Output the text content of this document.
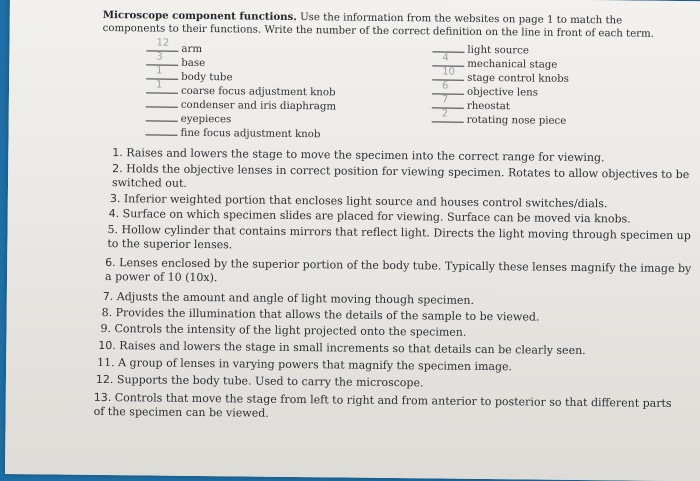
Microscope component functions. Use the information from the websites on page 1 to match the components to their functions. Write the number of the correct definition on the line in front of each term.
12
arm
3
base
1
body tube
1
coarse focus adjustment knob
condenser and iris diaphragm
eyepieces
fine focus adjustment knob
light source
4
mechanical stage
10
stage control knobs
6
objective lens
7
rheostat
2
rotating nose piece
1. Raises and lowers the stage to move the specimen into the correct range for viewing.
2. Holds the objective lenses in correct position for viewing specimen. Rotates to allow objectives to be switched out.
3. Inferior weighted portion that encloses light source and houses control switches/dials.
4. Surface on which specimen slides are placed for viewing. Surface can be moved via knobs.
5. Hollow cylinder that contains mirrors that reflect light. Directs the light moving through specimen up to the superior lenses.
6. Lenses enclosed by the superior portion of the body tube. Typically these lenses magnify the image by a power of 10 (10x).
7. Adjusts the amount and angle of light moving though specimen.
8. Provides the illumination that allows the details of the sample to be viewed.
9. Controls the intensity of the light projected onto the specimen.
10. Raises and lowers the stage in small increments so that details can be clearly seen.
11. A group of lenses in varying powers that magnify the specimen image.
12. Supports the body tube. Used to carry the microscope.
13. Controls that move the stage from left to right and from anterior to posterior so that different parts of the specimen can be viewed.
